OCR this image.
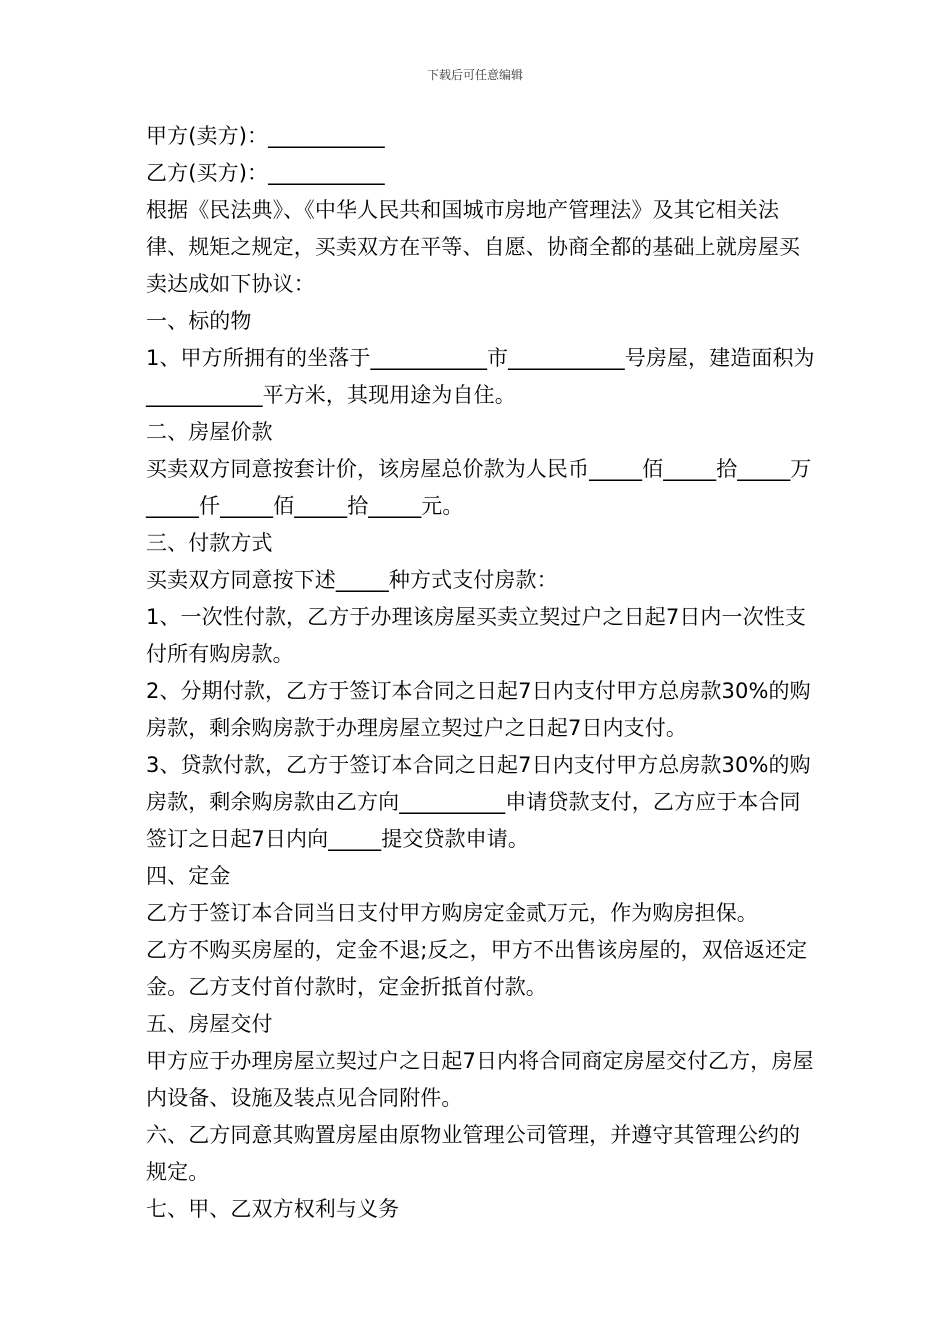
下载后可任意编辑

甲方(卖方)：___________

乙方(买方)：___________

根据《民法典》、《中华人民共和国城市房地产管理法》及其它相关法律、规矩之规定，买卖双方在平等、自愿、协商全都的基础上就房屋买卖达成如下协议：

一、标的物

1、甲方所拥有的坐落于___________市___________号房屋，建造面积为___________平方米，其现用途为自住。

二、房屋价款

买卖双方同意按套计价，该房屋总价款为人民币_____佰_____拾_____万_____仟_____佰_____拾_____元。

三、付款方式

买卖双方同意按下述_____种方式支付房款：

1、一次性付款，乙方于办理该房屋买卖立契过户之日起7日内一次性支付所有购房款。

2、分期付款，乙方于签订本合同之日起7日内支付甲方总房款30%的购房款，剩余购房款于办理房屋立契过户之日起7日内支付。

3、贷款付款，乙方于签订本合同之日起7日内支付甲方总房款30%的购房款，剩余购房款由乙方向__________申请贷款支付，乙方应于本合同签订之日起7日内向_____提交贷款申请。

四、定金

乙方于签订本合同当日支付甲方购房定金贰万元，作为购房担保。

乙方不购买房屋的，定金不退;反之，甲方不出售该房屋的，双倍返还定金。乙方支付首付款时，定金折抵首付款。

五、房屋交付

甲方应于办理房屋立契过户之日起7日内将合同商定房屋交付乙方，房屋内设备、设施及装点见合同附件。

六、乙方同意其购置房屋由原物业管理公司管理，并遵守其管理公约的规定。

七、甲、乙双方权利与义务
